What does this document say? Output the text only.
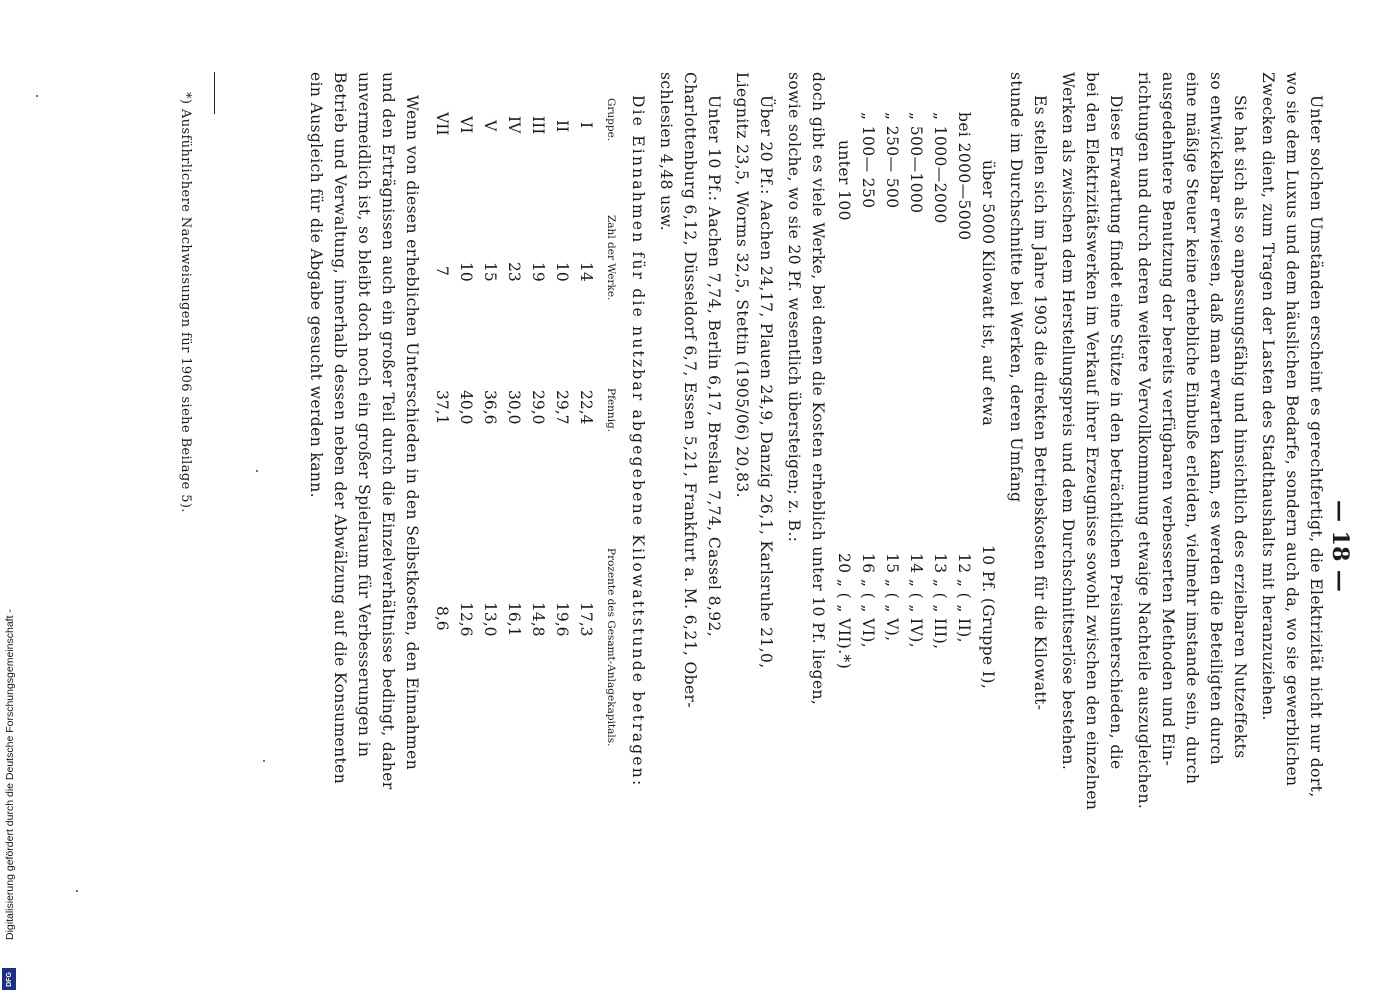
— 18 —
Unter solchen Umständen erscheint es gerechtfertigt, die Elektrizität nicht nur dort,
wo sie dem Luxus und dem häuslichen Bedarfe, sondern auch da, wo sie gewerblichen
Zwecken dient, zum Tragen der Lasten des Stadthaushalts mit heranzuziehen.
Sie hat sich als so anpassungsfähig und hinsichtlich des erzielbaren Nutzeffekts
so entwickelbar erwiesen, daß man erwarten kann, es werden die Beteiligten durch
eine mäßige Steuer keine erhebliche Einbuße erleiden, vielmehr imstande sein, durch
ausgedehntere Benutzung der bereits verfügbaren verbesserten Methoden und Ein-
richtungen und durch deren weitere Vervollkommnung etwaige Nachteile auszugleichen.
Diese Erwartung findet eine Stütze in den beträchtlichen Preisunterschieden, die
bei den Elektrizitätswerken im Verkauf ihrer Erzeugnisse sowohl zwischen den einzelnen
Werken als zwischen dem Herstellungspreis und dem Durchschnittserlöse bestehen.
Es stellen sich im Jahre 1903 die direkten Betriebskosten für die Kilowatt-
stunde im Durchschnitte bei Werken, deren Umfang
über 5000 Kilowatt ist, auf etwa
10 Pf. (Gruppe I),
bei 2000—5000
12 „ ( „ II),
„ 1000—2000
13 „ ( „ III),
„ 500—1000
14 „ ( „ IV),
„ 250— 500
15 „ ( „ V),
„ 100— 250
16 „ ( „ VI),
unter 100
20 „ ( „ VII).*)
doch gibt es viele Werke, bei denen die Kosten erheblich unter 10 Pf. liegen,
sowie solche, wo sie 20 Pf. wesentlich übersteigen; z. B.:
Über 20 Pf.: Aachen 24,17, Plauen 24,9, Danzig 26,1, Karlsruhe 21,0,
Liegnitz 23,5, Worms 32,5, Stettin (1905/06) 20,83.
Unter 10 Pf.: Aachen 7,74, Berlin 6,17, Breslau 7,74, Cassel 8,92,
Charlottenburg 6,12, Düsseldorf 6,7, Essen 5,21, Frankfurt a. M. 6,21, Ober-
schlesien 4,48 usw.
Die Einnahmen für die nutzbar abgegebene Kilowattstunde betragen:
Gruppe.
Zahl der Werke.
Pfennig.
Prozente des Gesamt-Anlagekapitals.
I
14
22,4
17,3
II
10
29,7
19,6
III
19
29,0
14,8
IV
23
30,0
16,1
V
15
36,6
13,0
VI
10
40,0
12,6
VII
7
37,1
8,6
Wenn von diesen erheblichen Unterschieden in den Selbstkosten, den Einnahmen
und den Erträgnissen auch ein großer Teil durch die Einzelverhältnisse bedingt, daher
unvermeidlich ist, so bleibt doch noch ein großer Spielraum für Verbesserungen in
Betrieb und Verwaltung, innerhalb dessen neben der Abwälzung auf die Konsumenten
ein Ausgleich für die Abgabe gesucht werden kann.
*) Ausführlichere Nachweisungen für 1906 siehe Beilage 5).
Digitalisierung gefördert durch die Deutsche Forschungsgemeinschaft -
DFG
